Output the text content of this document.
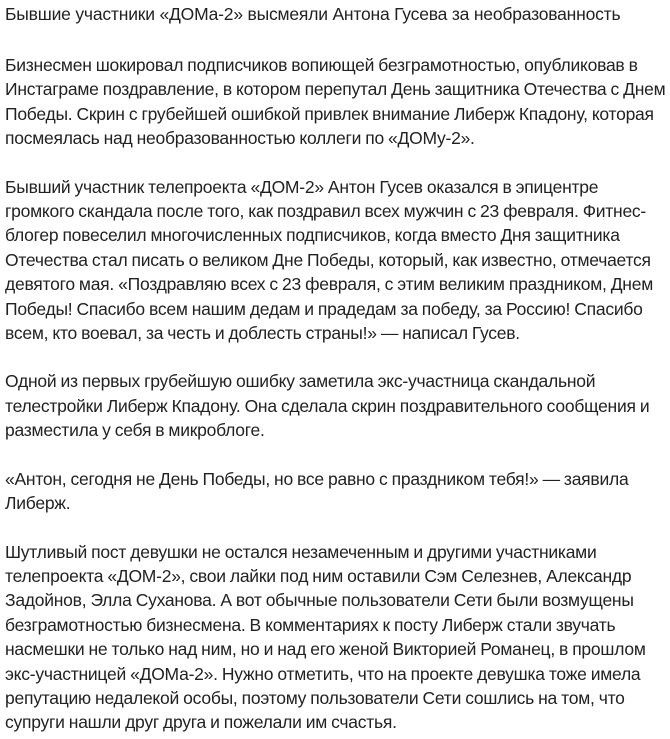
Бывшие участники «ДОМа-2» высмеяли Антона Гусева за необразованность

Бизнесмен шокировал подписчиков вопиющей безграмотностью, опубликовав в Инстаграме поздравление, в котором перепутал День защитника Отечества с Днем Победы. Скрин с грубейшей ошибкой привлек внимание Либерж Кпадону, которая посмеялась над необразованностью коллеги по «ДОМу-2».

Бывший участник телепроекта «ДОМ-2» Антон Гусев оказался в эпицентре громкого скандала после того, как поздравил всех мужчин с 23 февраля. Фитнес-блогер повеселил многочисленных подписчиков, когда вместо Дня защитника Отечества стал писать о великом Дне Победы, который, как известно, отмечается девятого мая. «Поздравляю всех с 23 февраля, с этим великим праздником, Днем Победы! Спасибо всем нашим дедам и прадедам за победу, за Россию! Спасибо всем, кто воевал, за честь и доблесть страны!» — написал Гусев.

Одной из первых грубейшую ошибку заметила экс-участница скандальной телестройки Либерж Кпадону. Она сделала скрин поздравительного сообщения и разместила у себя в микроблоге.

«Антон, сегодня не День Победы, но все равно с праздником тебя!» — заявила Либерж.

Шутливый пост девушки не остался незамеченным и другими участниками телепроекта «ДОМ-2», свои лайки под ним оставили Сэм Селезнев, Александр Задойнов, Элла Суханова. А вот обычные пользователи Сети были возмущены безграмотностью бизнесмена. В комментариях к посту Либерж стали звучать насмешки не только над ним, но и над его женой Викторией Романец, в прошлом экс-участницей «ДОМа-2». Нужно отметить, что на проекте девушка тоже имела репутацию недалекой особы, поэтому пользователи Сети сошлись на том, что супруги нашли друг друга и пожелали им счастья.
